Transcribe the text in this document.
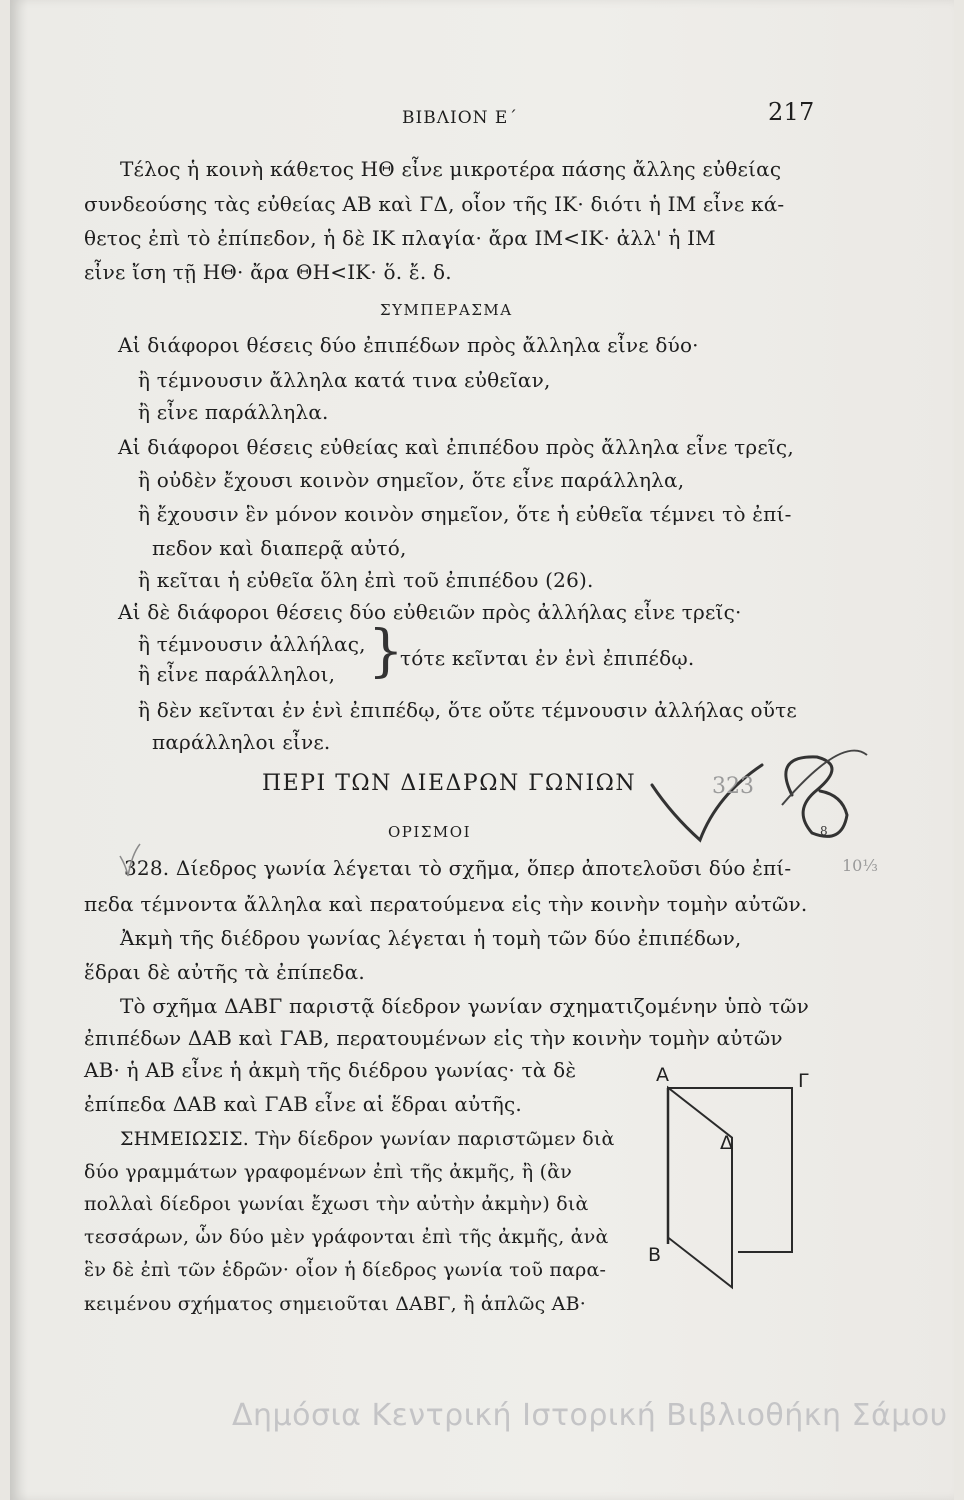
ΒΙΒΛΙΟΝ Ε΄	217
Τέλος ἡ κοινὴ κάθετος ΗΘ εἶνε μικροτέρα πάσης ἄλλης εὐθείας
συνδεούσης τὰς εὐθείας ΑΒ καὶ ΓΔ, οἷον τῆς ΙΚ· διότι ἡ ΙΜ εἶνε κά-
θετος ἐπὶ τὸ ἐπίπεδον, ἡ δὲ ΙΚ πλαγία· ἄρα ΙΜ<ΙΚ· ἀλλ' ἡ ΙΜ
εἶνε ἴση τῇ ΗΘ· ἄρα ΘΗ<ΙΚ· ὅ. ἔ. δ.
ΣΥΜΠΕΡΑΣΜΑ
Αἱ διάφοροι θέσεις δύο ἐπιπέδων πρὸς ἄλληλα εἶνε δύο·
ἢ τέμνουσιν ἄλληλα κατά τινα εὐθεῖαν,
ἢ εἶνε παράλληλα.
Αἱ διάφοροι θέσεις εὐθείας καὶ ἐπιπέδου πρὸς ἄλληλα εἶνε τρεῖς,
ἢ οὐδὲν ἔχουσι κοινὸν σημεῖον, ὅτε εἶνε παράλληλα,
ἢ ἔχουσιν ἓν μόνον κοινὸν σημεῖον, ὅτε ἡ εὐθεῖα τέμνει τὸ ἐπί-
πεδον καὶ διαπερᾷ αὐτό,
ἢ κεῖται ἡ εὐθεῖα ὅλη ἐπὶ τοῦ ἐπιπέδου (26).
Αἱ δὲ διάφοροι θέσεις δύο εὐθειῶν πρὸς ἀλλήλας εἶνε τρεῖς·
ἢ τέμνουσιν ἀλλήλας,
ἢ εἶνε παράλληλοι, }
τότε κεῖνται ἐν ἑνὶ ἐπιπέδῳ.
ἢ δὲν κεῖνται ἐν ἑνὶ ἐπιπέδῳ, ὅτε οὔτε τέμνουσιν ἀλλήλας οὔτε
παράλληλοι εἶνε.
ΠΕΡΙ ΤΩΝ ΔΙΕΔΡΩΝ ΓΩΝΙΩΝ
ΟΡΙΣΜΟΙ
328. Δίεδρος γωνία λέγεται τὸ σχῆμα, ὅπερ ἀποτελοῦσι δύο ἐπί-
πεδα τέμνοντα ἄλληλα καὶ περατούμενα εἰς τὴν κοινὴν τομὴν αὐτῶν.
Ἀκμὴ τῆς διέδρου γωνίας λέγεται ἡ τομὴ τῶν δύο ἐπιπέδων,
ἕδραι δὲ αὐτῆς τὰ ἐπίπεδα.
Τὸ σχῆμα ΔΑΒΓ παριστᾷ δίεδρον γωνίαν σχηματιζομένην ὑπὸ τῶν
ἐπιπέδων ΔΑΒ καὶ ΓΑΒ, περατουμένων εἰς τὴν κοινὴν τομὴν αὐτῶν
ΑΒ· ἡ ΑΒ εἶνε ἡ ἀκμὴ τῆς διέδρου γωνίας· τὰ δὲ
ἐπίπεδα ΔΑΒ καὶ ΓΑΒ εἶνε αἱ ἕδραι αὐτῆς.
ΣΗΜΕΙΩΣΙΣ. Τὴν δίεδρον γωνίαν παριστῶμεν διὰ
δύο γραμμάτων γραφομένων ἐπὶ τῆς ἀκμῆς, ἢ (ἂν
πολλαὶ δίεδροι γωνίαι ἔχωσι τὴν αὐτὴν ἀκμὴν) διὰ
τεσσάρων, ὧν δύο μὲν γράφονται ἐπὶ τῆς ἀκμῆς, ἀνὰ
ἓν δὲ ἐπὶ τῶν ἑδρῶν· οἷον ἡ δίεδρος γωνία τοῦ παρα-
κειμένου σχήματος σημειοῦται ΔΑΒΓ, ἢ ἁπλῶς ΑΒ·
A	Γ
Δ
B
323
8
10⅓
Δημόσια Κεντρική Ιστορική Βιβλιοθήκη Σάμου
